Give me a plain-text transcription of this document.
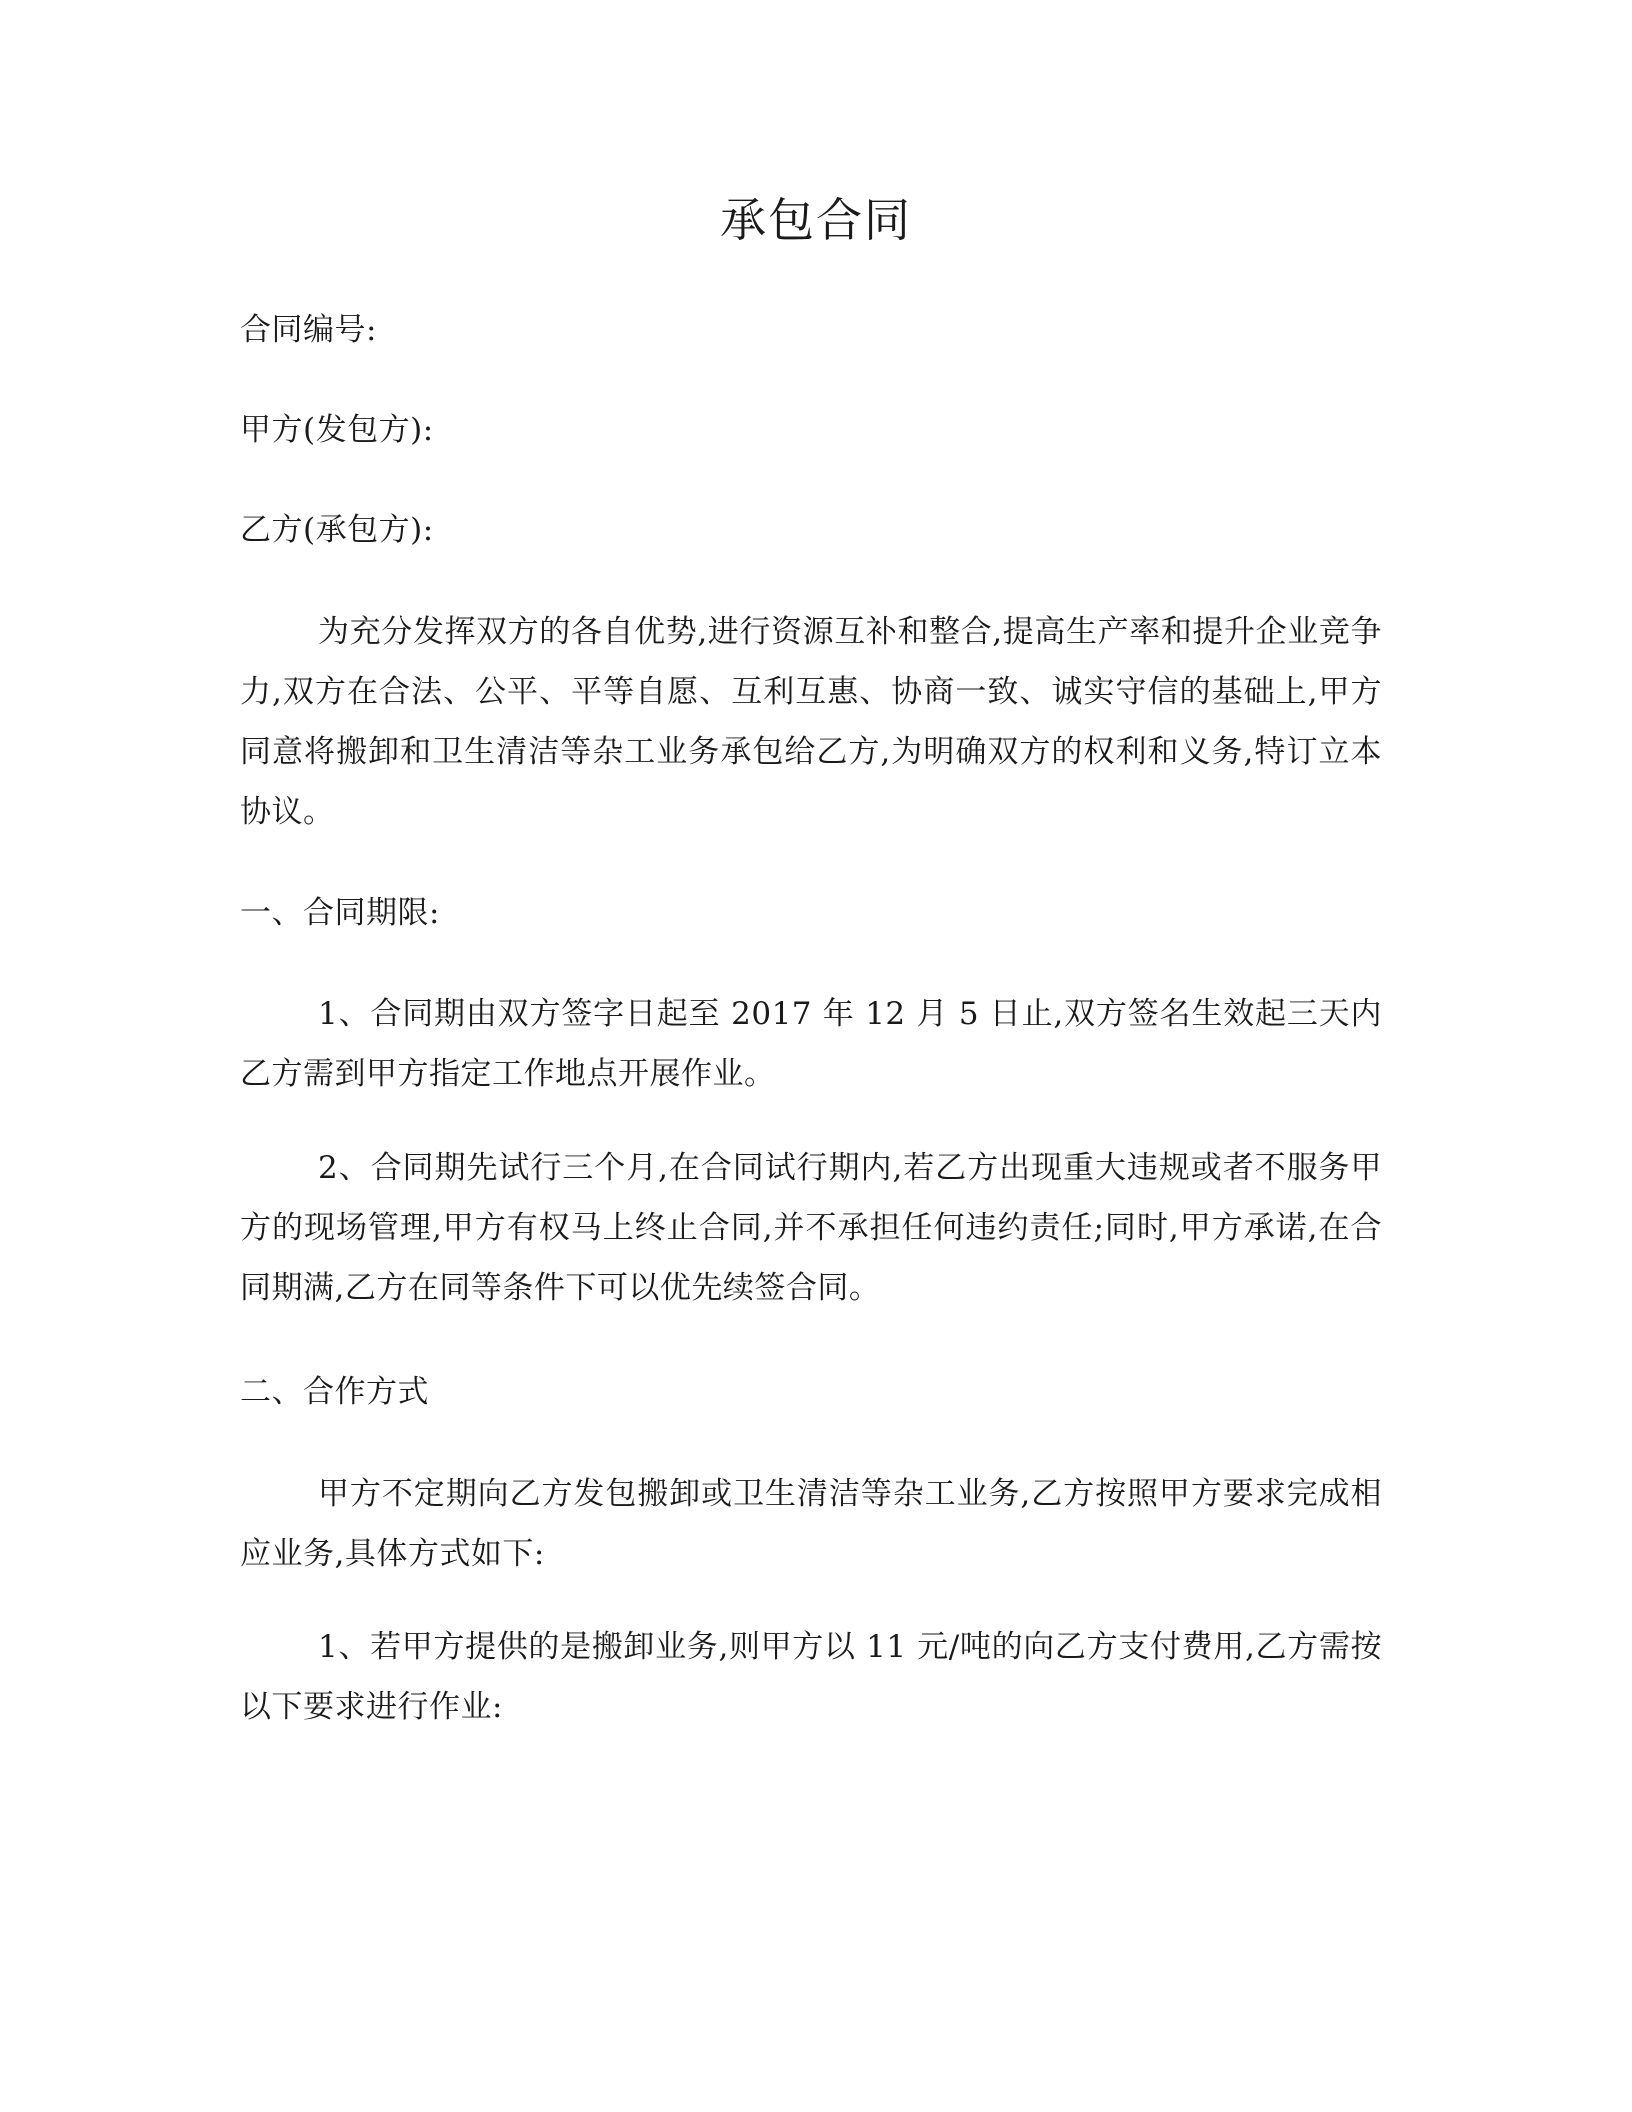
承包合同
合同编号:
甲方(发包方):
乙方(承包方):

为充分发挥双方的各自优势,进行资源互补和整合,提高生产率和提升企业竞争力,双方在合法、公平、平等自愿、互利互惠、协商一致、诚实守信的基础上,甲方同意将搬卸和卫生清洁等杂工业务承包给乙方,为明确双方的权利和义务,特订立本协议。

一、合同期限:

1、合同期由双方签字日起至 2017 年 12 月 5 日止,双方签名生效起三天内乙方需到甲方指定工作地点开展作业。

2、合同期先试行三个月,在合同试行期内,若乙方出现重大违规或者不服务甲方的现场管理,甲方有权马上终止合同,并不承担任何违约责任;同时,甲方承诺,在合同期满,乙方在同等条件下可以优先续签合同。

二、合作方式

甲方不定期向乙方发包搬卸或卫生清洁等杂工业务,乙方按照甲方要求完成相应业务,具体方式如下:

1、若甲方提供的是搬卸业务,则甲方以 11 元/吨的向乙方支付费用,乙方需按以下要求进行作业:
